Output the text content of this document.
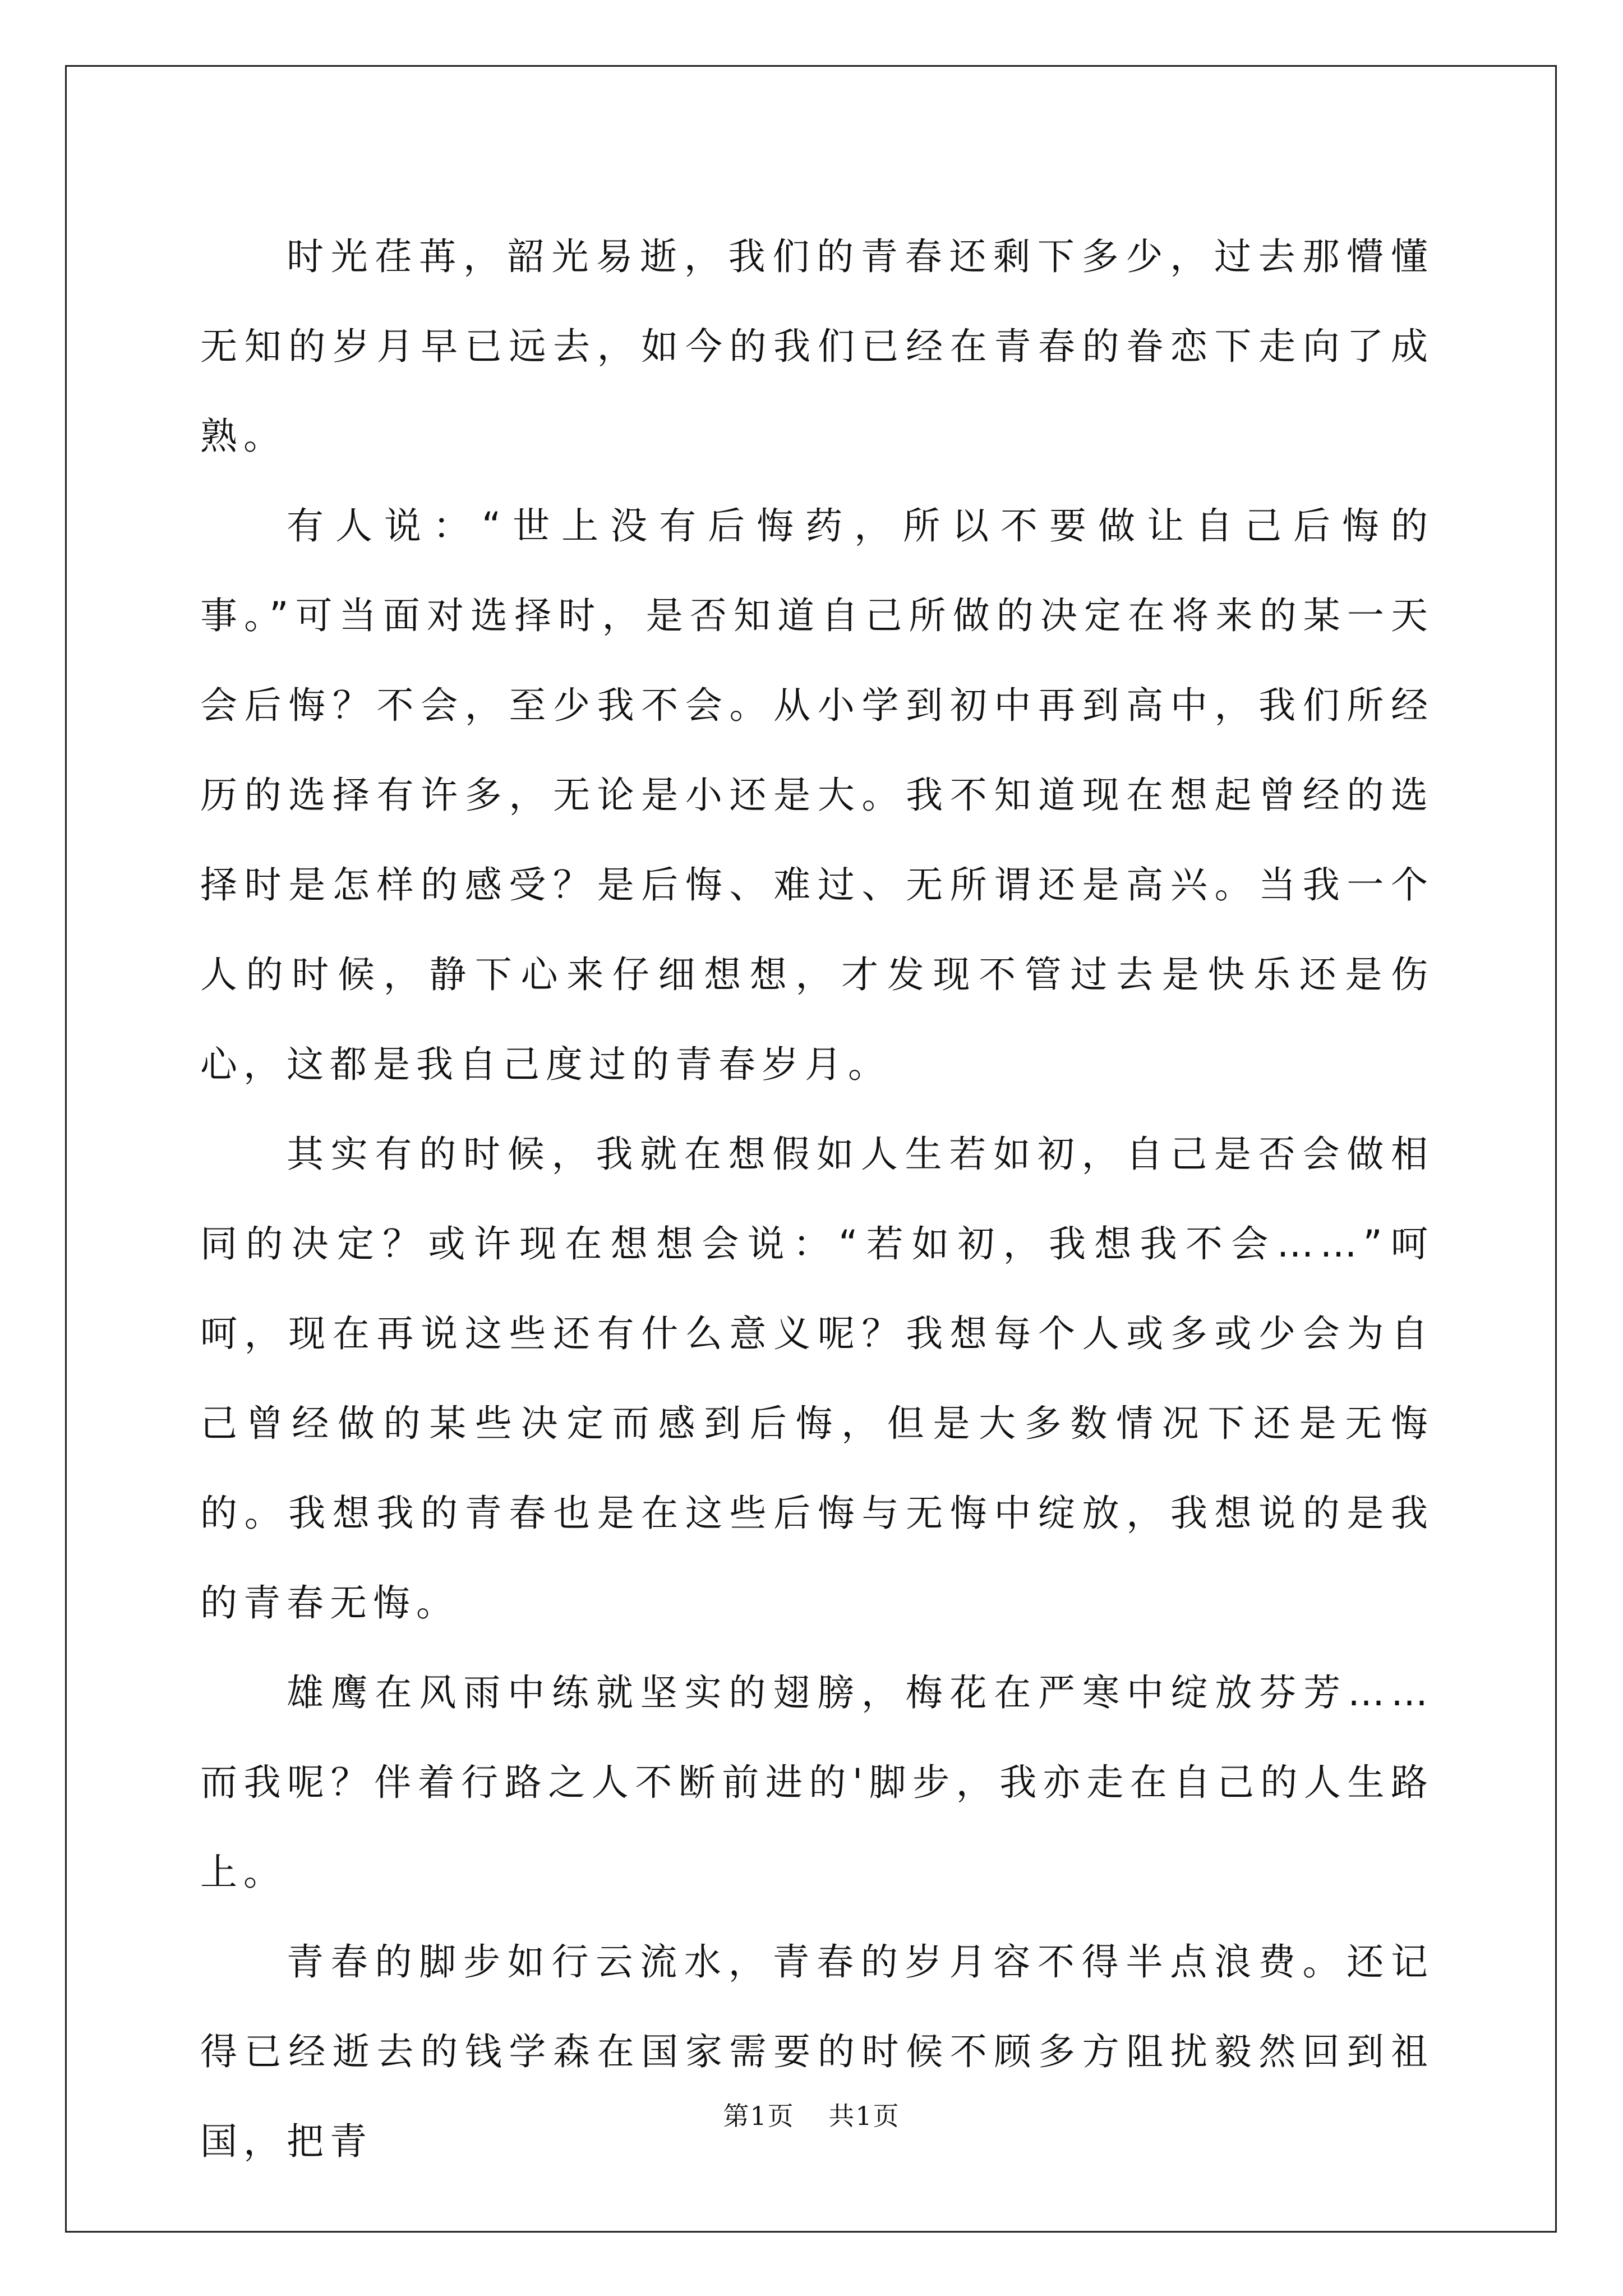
时光荏苒，韶光易逝，我们的青春还剩下多少，过去那懵懂无知的岁月早已远去，如今的我们已经在青春的眷恋下走向了成熟。

有人说：“世上没有后悔药，所以不要做让自己后悔的事。”可当面对选择时，是否知道自己所做的决定在将来的某一天会后悔？不会，至少我不会。从小学到初中再到高中，我们所经历的选择有许多，无论是小还是大。我不知道现在想起曾经的选择时是怎样的感受？是后悔、难过、无所谓还是高兴。当我一个人的时候，静下心来仔细想想，才发现不管过去是快乐还是伤心，这都是我自己度过的青春岁月。

其实有的时候，我就在想假如人生若如初，自己是否会做相同的决定？或许现在想想会说：“若如初，我想我不会……”呵呵，现在再说这些还有什么意义呢？我想每个人或多或少会为自己曾经做的某些决定而感到后悔，但是大多数情况下还是无悔的。我想我的青春也是在这些后悔与无悔中绽放，我想说的是我的青春无悔。

雄鹰在风雨中练就坚实的翅膀，梅花在严寒中绽放芬芳……而我呢？伴着行路之人不断前进的'脚步，我亦走在自己的人生路上。

青春的脚步如行云流水，青春的岁月容不得半点浪费。还记得已经逝去的钱学森在国家需要的时候不顾多方阻扰毅然回到祖国，把青

第1页 共1页
